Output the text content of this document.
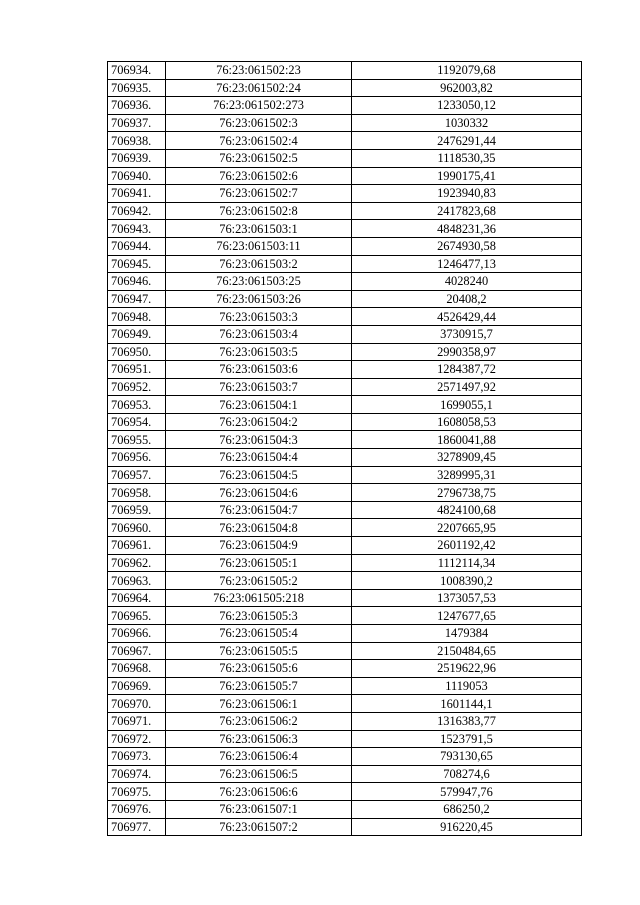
706934.	76:23:061502:23	1192079,68
706935.	76:23:061502:24	962003,82
706936.	76:23:061502:273	1233050,12
706937.	76:23:061502:3	1030332
706938.	76:23:061502:4	2476291,44
706939.	76:23:061502:5	1118530,35
706940.	76:23:061502:6	1990175,41
706941.	76:23:061502:7	1923940,83
706942.	76:23:061502:8	2417823,68
706943.	76:23:061503:1	4848231,36
706944.	76:23:061503:11	2674930,58
706945.	76:23:061503:2	1246477,13
706946.	76:23:061503:25	4028240
706947.	76:23:061503:26	20408,2
706948.	76:23:061503:3	4526429,44
706949.	76:23:061503:4	3730915,7
706950.	76:23:061503:5	2990358,97
706951.	76:23:061503:6	1284387,72
706952.	76:23:061503:7	2571497,92
706953.	76:23:061504:1	1699055,1
706954.	76:23:061504:2	1608058,53
706955.	76:23:061504:3	1860041,88
706956.	76:23:061504:4	3278909,45
706957.	76:23:061504:5	3289995,31
706958.	76:23:061504:6	2796738,75
706959.	76:23:061504:7	4824100,68
706960.	76:23:061504:8	2207665,95
706961.	76:23:061504:9	2601192,42
706962.	76:23:061505:1	1112114,34
706963.	76:23:061505:2	1008390,2
706964.	76:23:061505:218	1373057,53
706965.	76:23:061505:3	1247677,65
706966.	76:23:061505:4	1479384
706967.	76:23:061505:5	2150484,65
706968.	76:23:061505:6	2519622,96
706969.	76:23:061505:7	1119053
706970.	76:23:061506:1	1601144,1
706971.	76:23:061506:2	1316383,77
706972.	76:23:061506:3	1523791,5
706973.	76:23:061506:4	793130,65
706974.	76:23:061506:5	708274,6
706975.	76:23:061506:6	579947,76
706976.	76:23:061507:1	686250,2
706977.	76:23:061507:2	916220,45
